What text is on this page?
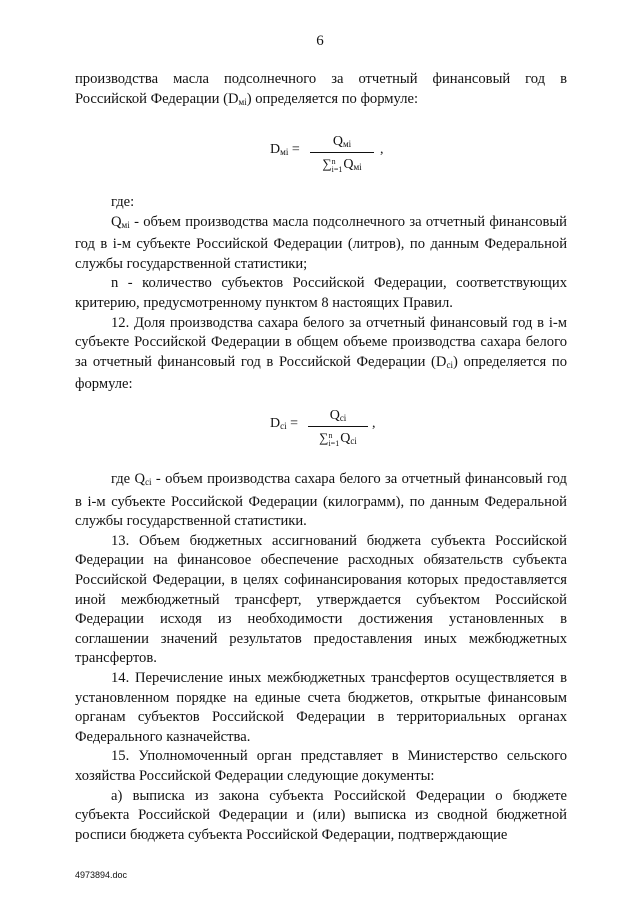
6

производства масла подсолнечного за отчетный финансовый год в

Российской Федерации $(D_{мi})$ определяется по формуле:

$D_{мi}$ =
$Q_{мi}$
∑n
$i=1Q_{мi}$
,

где:

$Q_{мi}$ - объем производства масла подсолнечного за отчетный финансовый год в i-м субъекте Российской Федерации (литров), по данным Федеральной службы государственной статистики;

n - количество субъектов Российской Федерации, соответствующих критерию, предусмотренному пунктом 8 настоящих Правил.

12. Доля производства сахара белого за отчетный финансовый год в i-м субъекте Российской Федерации в общем объеме производства сахара белого за отчетный финансовый год в Российской Федерации $(D_{ci})$ определяется по формуле:

$D_{ci}$ =
$Q_{ci}$
∑n
$i=1Q_{ci}$
,

где $Q_{ci}$ - объем производства сахара белого за отчетный финансовый год в i-м субъекте Российской Федерации (килограмм), по данным Федеральной службы государственной статистики.

13. Объем бюджетных ассигнований бюджета субъекта Российской Федерации на финансовое обеспечение расходных обязательств субъекта Российской Федерации, в целях софинансирования которых предоставляется иной межбюджетный трансферт, утверждается субъектом Российской Федерации исходя из необходимости достижения установленных в соглашении значений результатов предоставления иных межбюджетных трансфертов.

14. Перечисление иных межбюджетных трансфертов осуществляется в установленном порядке на единые счета бюджетов, открытые финансовым органам субъектов Российской Федерации в территориальных органах Федерального казначейства.

15. Уполномоченный орган представляет в Министерство сельского хозяйства Российской Федерации следующие документы:

а) выписка из закона субъекта Российской Федерации о бюджете субъекта Российской Федерации и (или) выписка из сводной бюджетной росписи бюджета субъекта Российской Федерации, подтверждающие

4973894.doc
